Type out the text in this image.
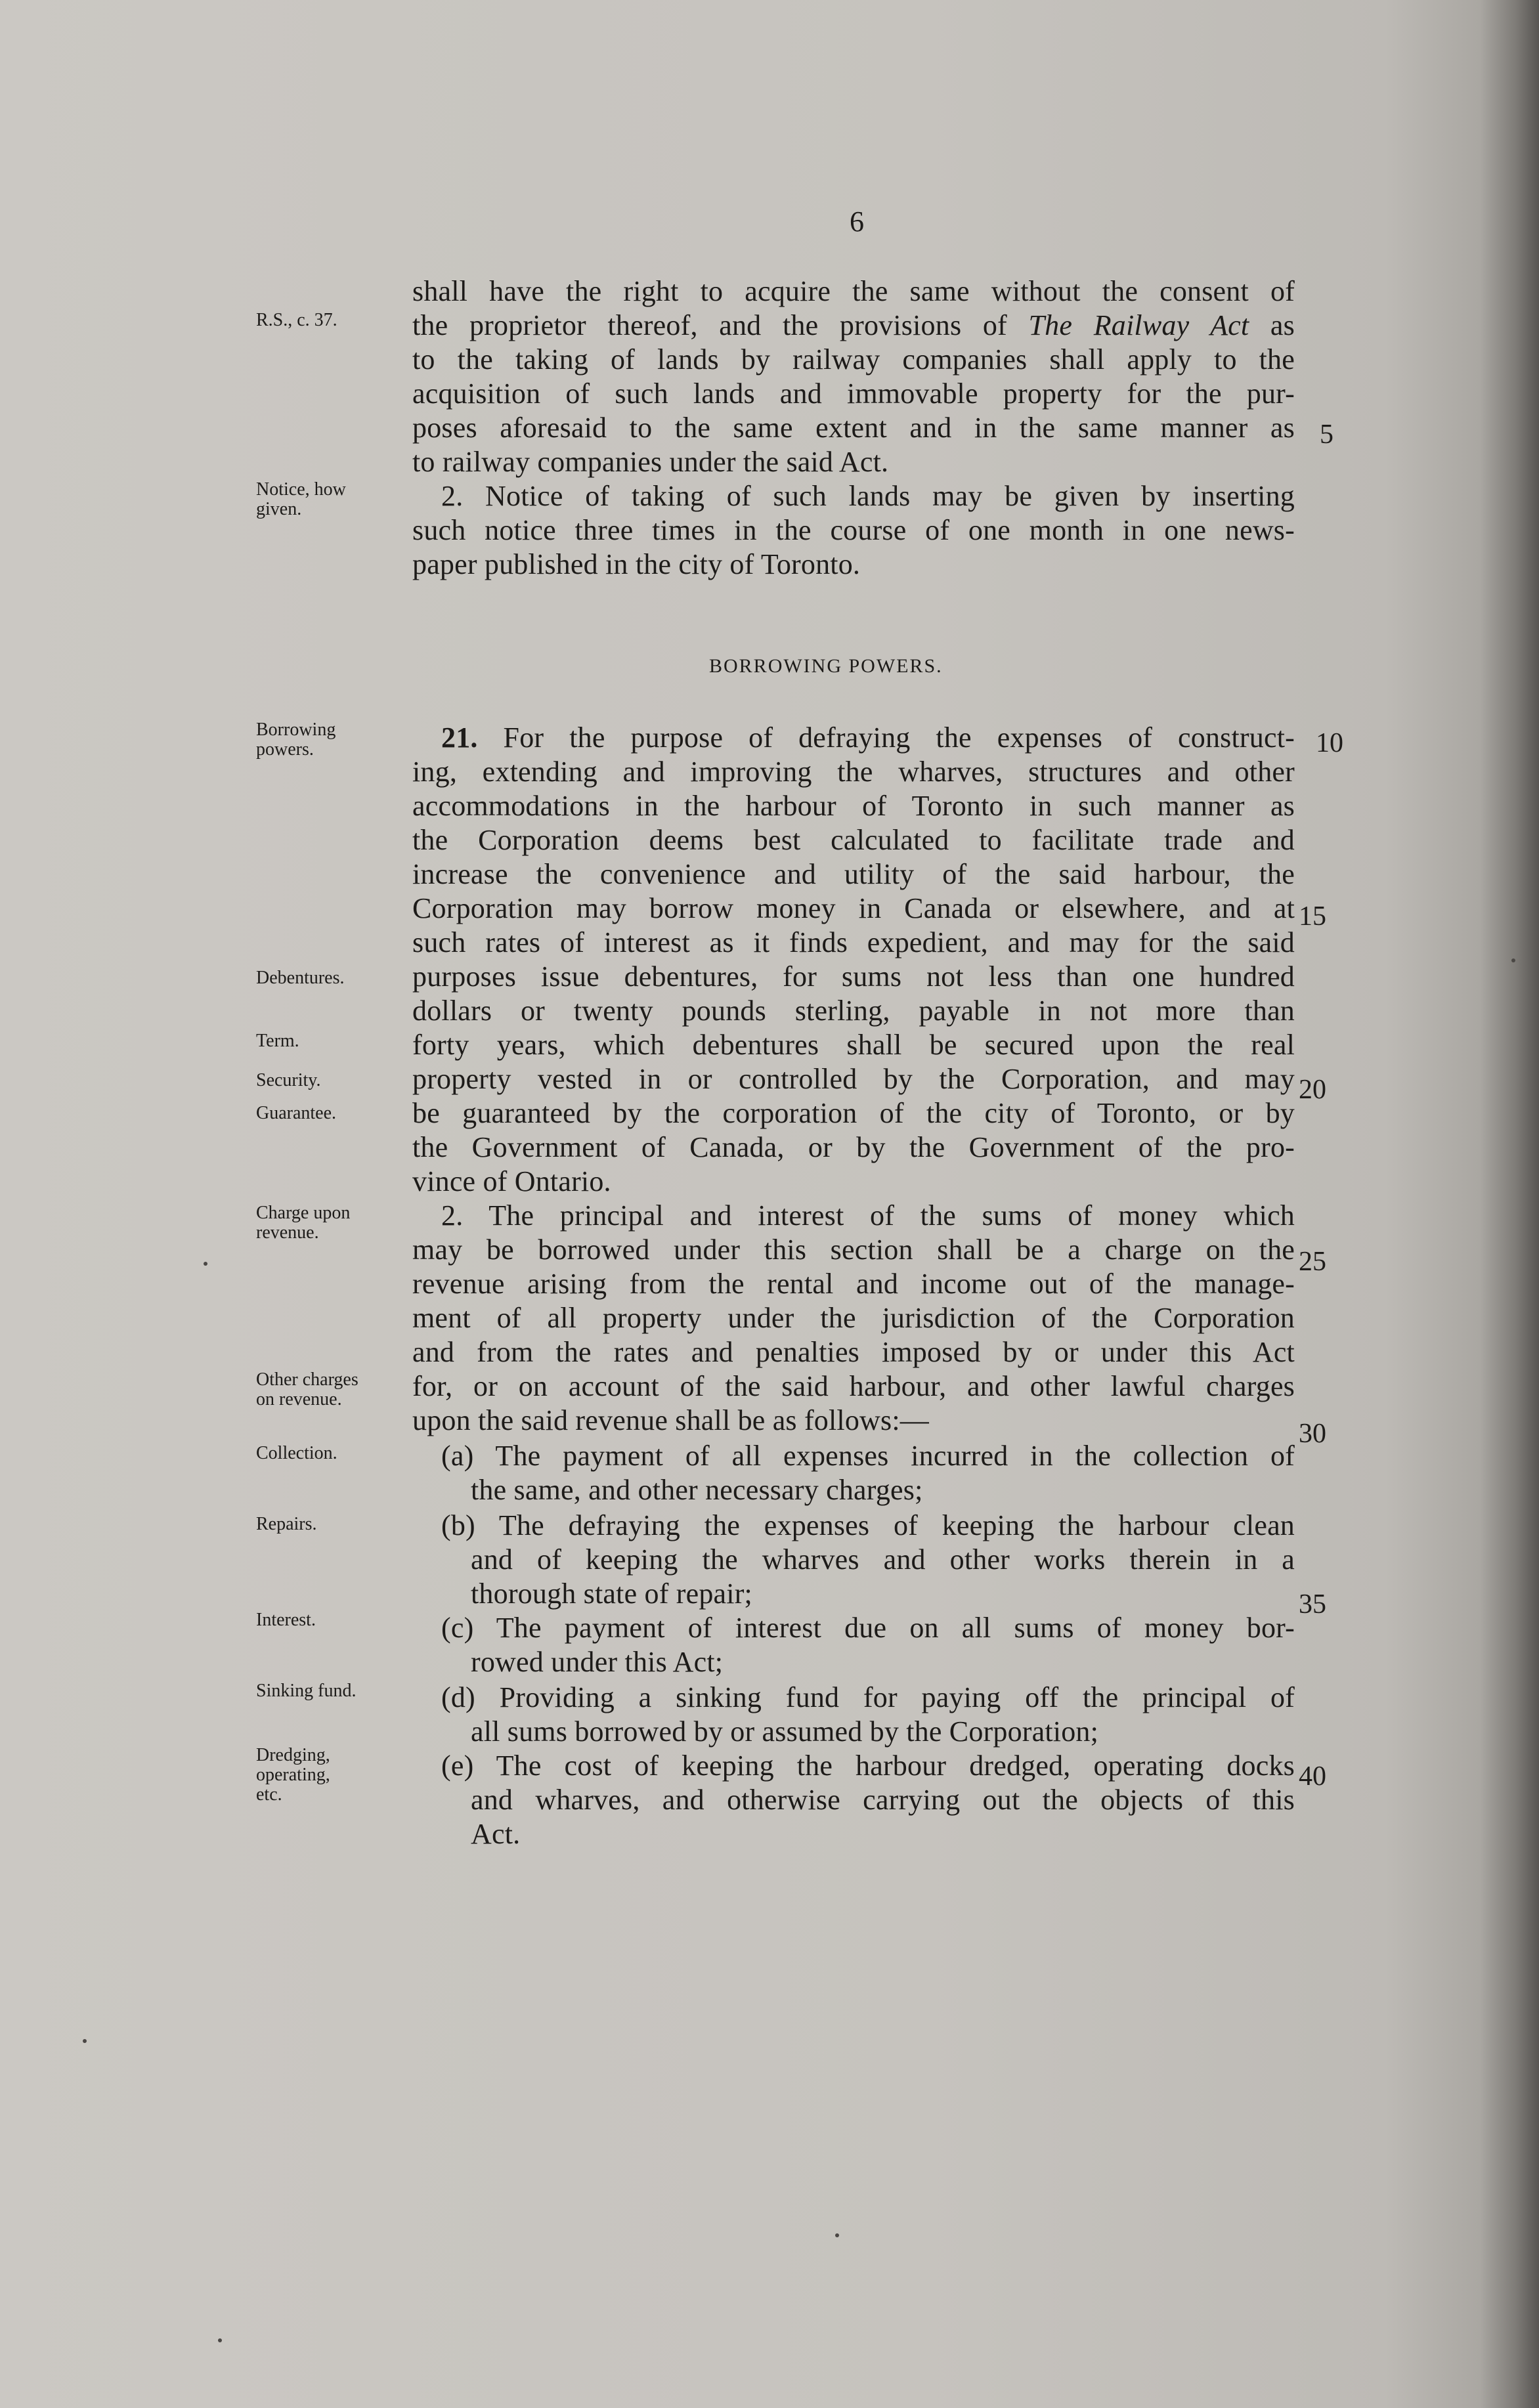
6
R.S., c. 37.
Notice, how
given.
Borrowing
powers.
Debentures.
Term.
Security.
Guarantee.
Charge upon
revenue.
Other charges
on revenue.
Collection.
Repairs.
Interest.
Sinking fund.
Dredging,
operating,
etc.
5
10
15
20
25
30
35
40
shall have the right to acquire the same without the consent of
the proprietor thereof, and the provisions of The Railway Act as
to the taking of lands by railway companies shall apply to the
acquisition of such lands and immovable property for the pur-
poses aforesaid to the same extent and in the same manner as
to railway companies under the said Act.
2. Notice of taking of such lands may be given by inserting
such notice three times in the course of one month in one news-
paper published in the city of Toronto.
BORROWING POWERS.
21. For the purpose of defraying the expenses of construct-
ing, extending and improving the wharves, structures and other
accommodations in the harbour of Toronto in such manner as
the Corporation deems best calculated to facilitate trade and
increase the convenience and utility of the said harbour, the
Corporation may borrow money in Canada or elsewhere, and at
such rates of interest as it finds expedient, and may for the said
purposes issue debentures, for sums not less than one hundred
dollars or twenty pounds sterling, payable in not more than
forty years, which debentures shall be secured upon the real
property vested in or controlled by the Corporation, and may
be guaranteed by the corporation of the city of Toronto, or by
the Government of Canada, or by the Government of the pro-
vince of Ontario.
2. The principal and interest of the sums of money which
may be borrowed under this section shall be a charge on the
revenue arising from the rental and income out of the manage-
ment of all property under the jurisdiction of the Corporation
and from the rates and penalties imposed by or under this Act
for, or on account of the said harbour, and other lawful charges
upon the said revenue shall be as follows:—
(a) The payment of all expenses incurred in the collection of
the same, and other necessary charges;
(b) The defraying the expenses of keeping the harbour clean
and of keeping the wharves and other works therein in a
thorough state of repair;
(c) The payment of interest due on all sums of money bor-
rowed under this Act;
(d) Providing a sinking fund for paying off the principal of
all sums borrowed by or assumed by the Corporation;
(e) The cost of keeping the harbour dredged, operating docks
and wharves, and otherwise carrying out the objects of this
Act.
